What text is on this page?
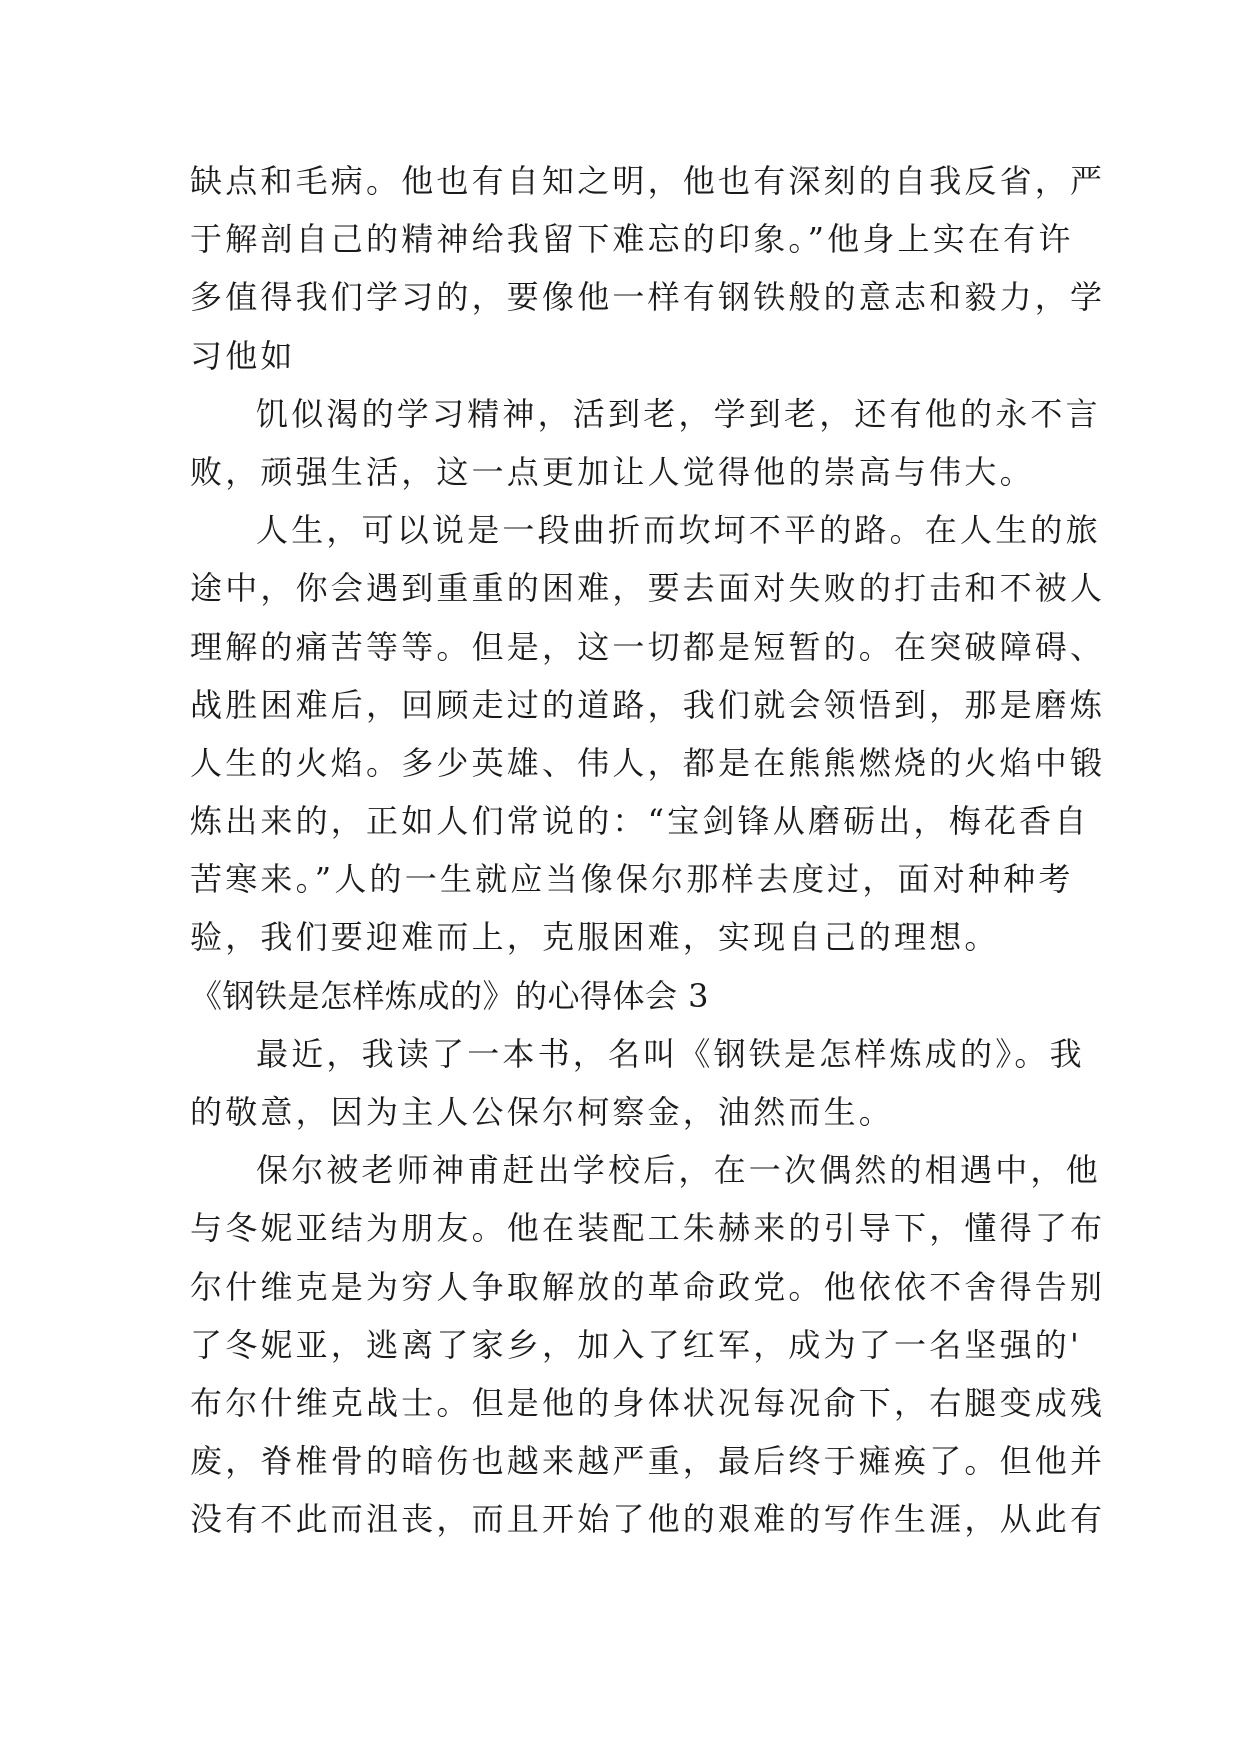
缺点和毛病。他也有自知之明，他也有深刻的自我反省，严
于解剖自己的精神给我留下难忘的印象。”他身上实在有许
多值得我们学习的，要像他一样有钢铁般的意志和毅力，学
习他如
饥似渴的学习精神，活到老，学到老，还有他的永不言
败，顽强生活，这一点更加让人觉得他的崇高与伟大。
人生，可以说是一段曲折而坎坷不平的路。在人生的旅
途中，你会遇到重重的困难，要去面对失败的打击和不被人
理解的痛苦等等。但是，这一切都是短暂的。在突破障碍、
战胜困难后，回顾走过的道路，我们就会领悟到，那是磨炼
人生的火焰。多少英雄、伟人，都是在熊熊燃烧的火焰中锻
炼出来的，正如人们常说的：“宝剑锋从磨砺出，梅花香自
苦寒来。”人的一生就应当像保尔那样去度过，面对种种考
验，我们要迎难而上，克服困难，实现自己的理想。
《钢铁是怎样炼成的》的心得体会 3
最近，我读了一本书，名叫《钢铁是怎样炼成的》。我
的敬意，因为主人公保尔柯察金，油然而生。
保尔被老师神甫赶出学校后，在一次偶然的相遇中，他
与冬妮亚结为朋友。他在装配工朱赫来的引导下，懂得了布
尔什维克是为穷人争取解放的革命政党。他依依不舍得告别
了冬妮亚，逃离了家乡，加入了红军，成为了一名坚强的'
布尔什维克战士。但是他的身体状况每况俞下，右腿变成残
废，脊椎骨的暗伤也越来越严重，最后终于瘫痪了。但他并
没有不此而沮丧，而且开始了他的艰难的写作生涯，从此有
